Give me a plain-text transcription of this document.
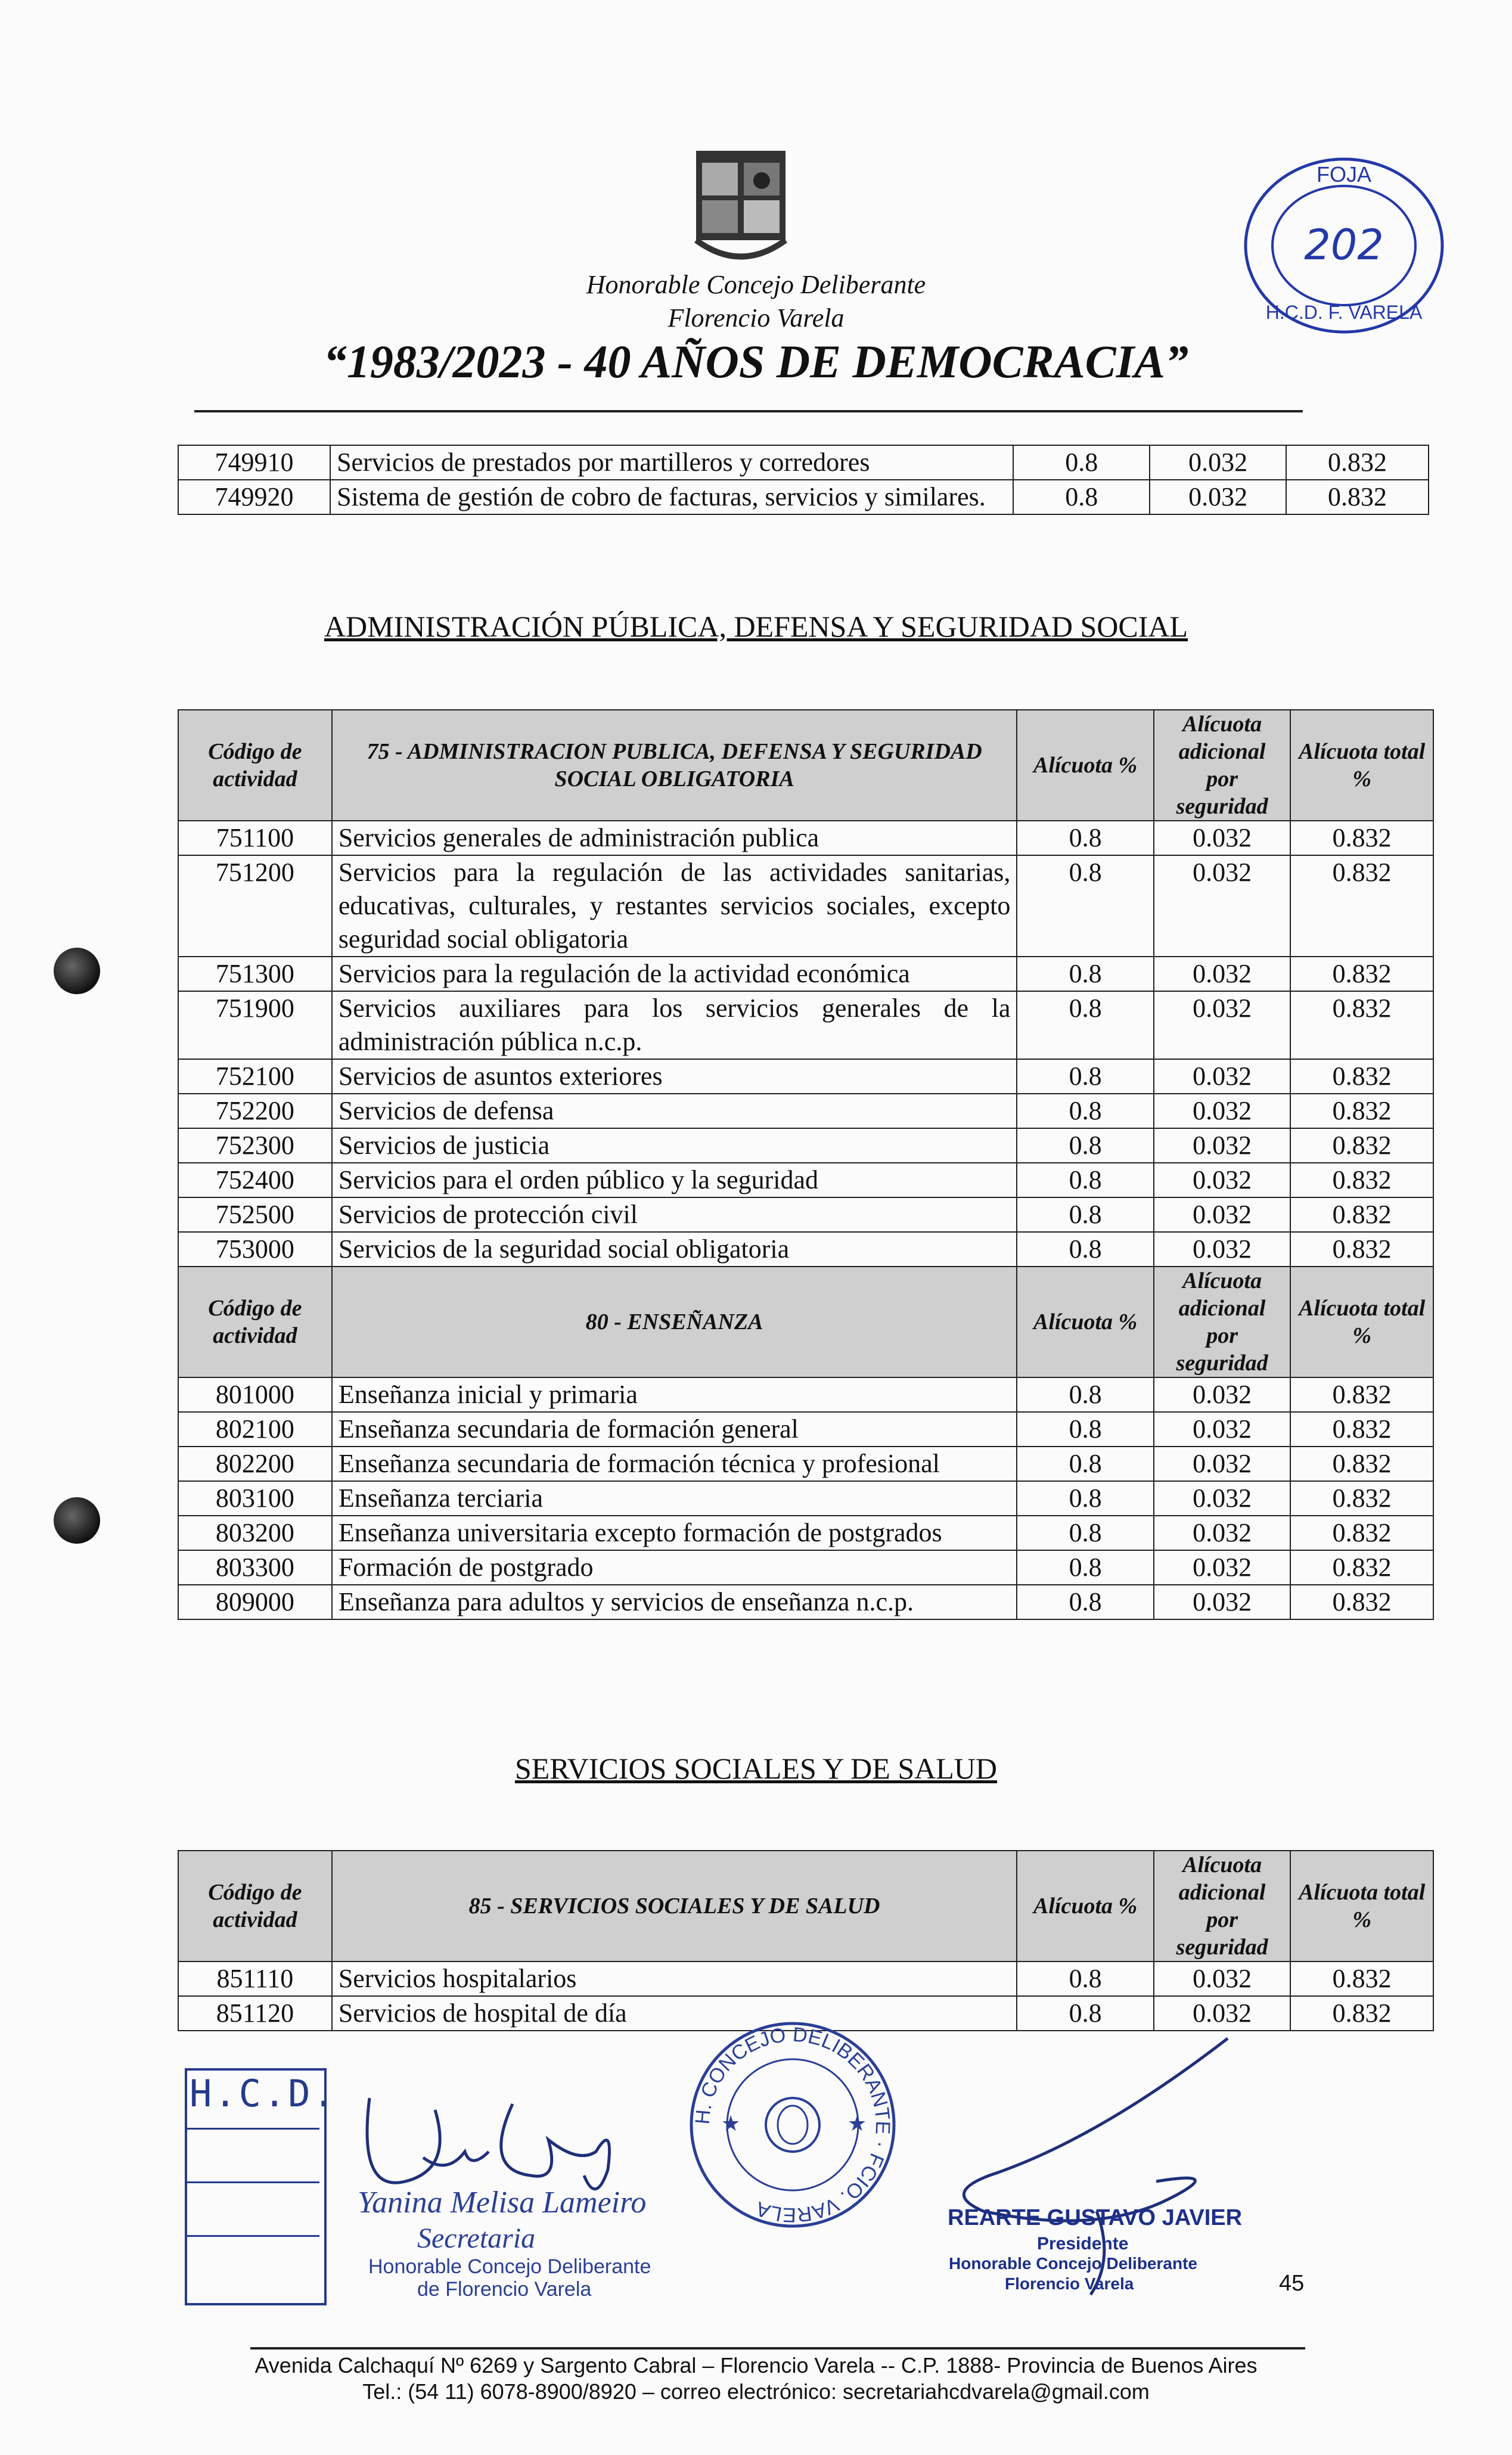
Honorable Concejo Deliberante
Florencio Varela
“1983/2023 - 40 AÑOS DE DEMOCRACIA”
FOJA
202
H.C.D. F. VARELA
749910	Servicios de prestados por martilleros y corredores	0.8	0.032	0.832
749920	Sistema de gestión de cobro de facturas, servicios y similares.	0.8	0.032	0.832
ADMINISTRACIÓN PÚBLICA, DEFENSA Y SEGURIDAD SOCIAL
Código de actividad	75 - ADMINISTRACION PUBLICA, DEFENSA Y SEGURIDAD SOCIAL OBLIGATORIA	Alícuota %	Alícuota adicional por seguridad	Alícuota total %
751100	Servicios generales de administración publica	0.8	0.032	0.832
751200	Servicios para la regulación de las actividades sanitarias, educativas, culturales, y restantes servicios sociales, excepto seguridad social obligatoria	0.8	0.032	0.832
751300	Servicios para la regulación de la actividad económica	0.8	0.032	0.832
751900	Servicios auxiliares para los servicios generales de la administración pública n.c.p.	0.8	0.032	0.832
752100	Servicios de asuntos exteriores	0.8	0.032	0.832
752200	Servicios de defensa	0.8	0.032	0.832
752300	Servicios de justicia	0.8	0.032	0.832
752400	Servicios para el orden público y la seguridad	0.8	0.032	0.832
752500	Servicios de protección civil	0.8	0.032	0.832
753000	Servicios de la seguridad social obligatoria	0.8	0.032	0.832
Código de actividad	80 - ENSEÑANZA	Alícuota %	Alícuota adicional por seguridad	Alícuota total %
801000	Enseñanza inicial y primaria	0.8	0.032	0.832
802100	Enseñanza secundaria de formación general	0.8	0.032	0.832
802200	Enseñanza secundaria de formación técnica y profesional	0.8	0.032	0.832
803100	Enseñanza terciaria	0.8	0.032	0.832
803200	Enseñanza universitaria excepto formación de postgrados	0.8	0.032	0.832
803300	Formación de postgrado	0.8	0.032	0.832
809000	Enseñanza para adultos y servicios de enseñanza n.c.p.	0.8	0.032	0.832
SERVICIOS SOCIALES Y DE SALUD
Código de actividad	85 - SERVICIOS SOCIALES Y DE SALUD	Alícuota %	Alícuota adicional por seguridad	Alícuota total %
851110	Servicios hospitalarios	0.8	0.032	0.832
851120	Servicios de hospital de día	0.8	0.032	0.832
H.C.D.
Yanina Melisa Lameiro
Secretaria
Honorable Concejo Deliberante
de Florencio Varela
★	★
H. CONCEJO DELIBERANTE · FCIO. VARELA	REARTE GUSTAVO JAVIER
Presidente
Honorable Concejo Deliberante
Florencio Varela	45
Avenida Calchaquí Nº 6269 y Sargento Cabral – Florencio Varela -- C.P. 1888- Provincia de Buenos Aires
Tel.: (54 11) 6078-8900/8920 – correo electrónico: secretariahcdvarela@gmail.com
